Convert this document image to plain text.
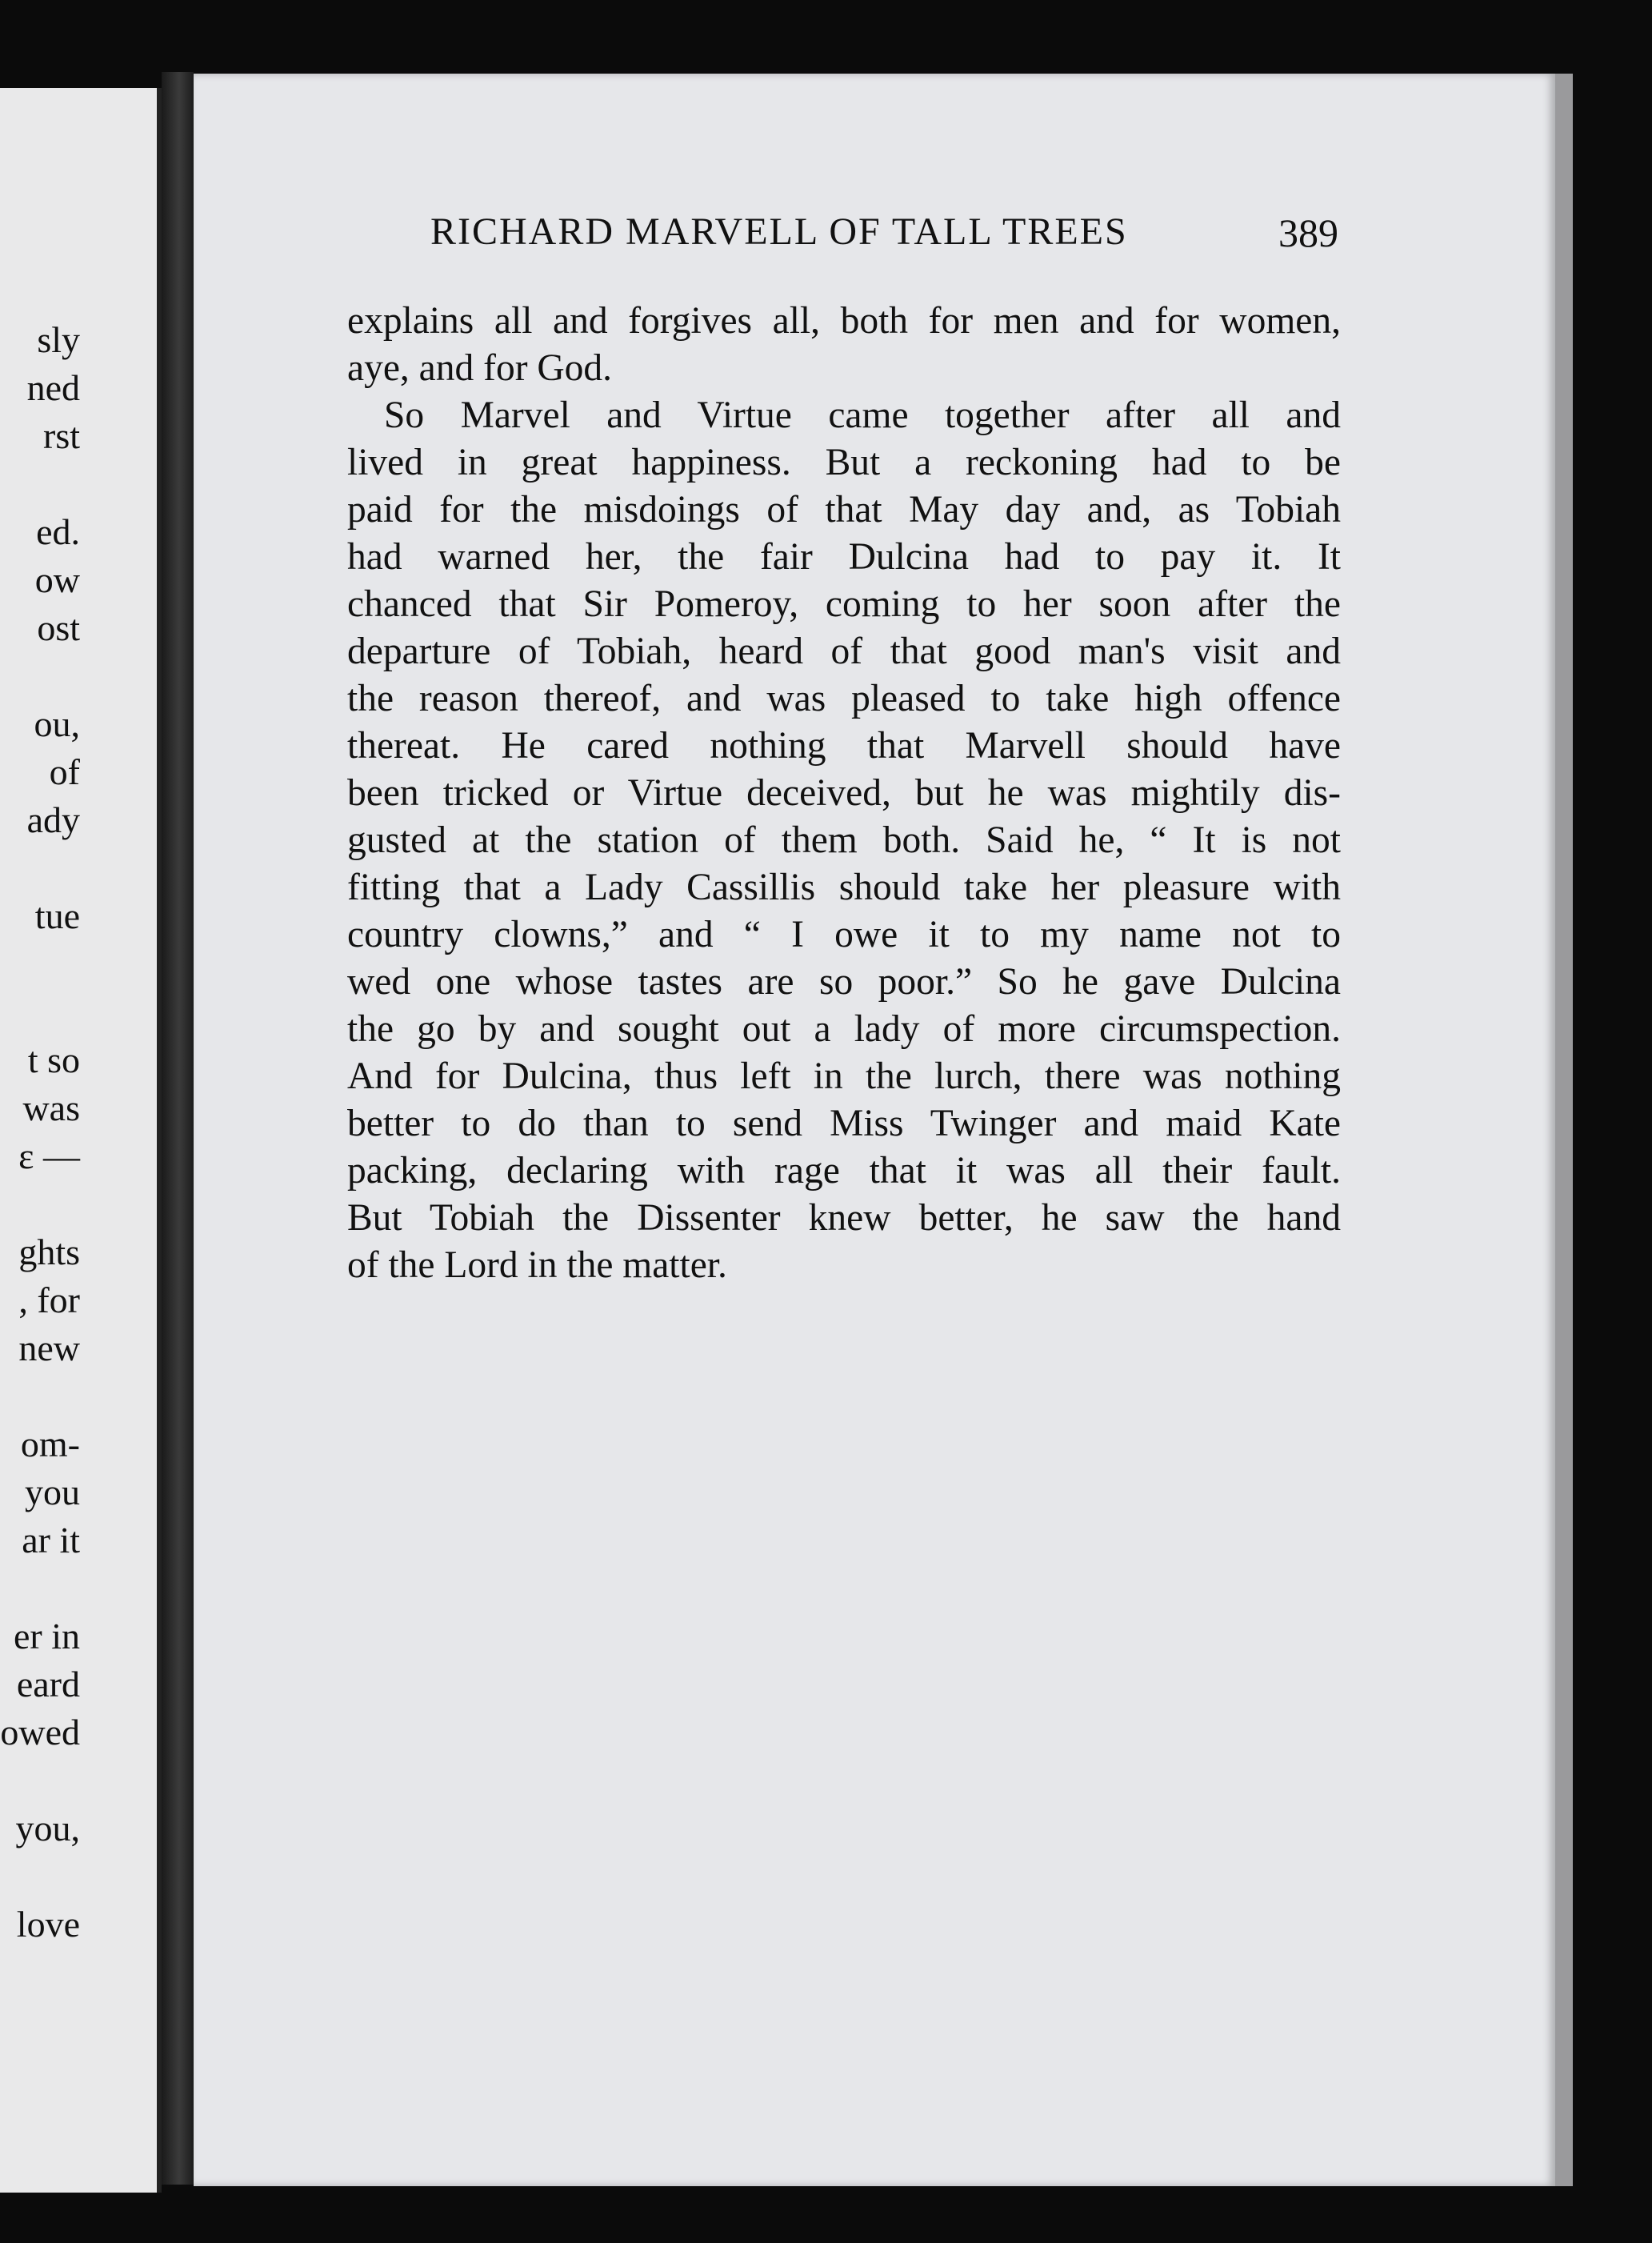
sly
ned
rst
ed.
ow
ost
ou,
of
ady
tue
t so
was
ε —
ghts
, for
new
om-
you
ar it
er in
eard
owed
you,
love
RICHARD MARVELL OF TALL TREES	389
explains all and forgives all, both for men and for women,
aye, and for God.
So Marvel and Virtue came together after all and
lived in great happiness. But a reckoning had to be
paid for the misdoings of that May day and, as Tobiah
had warned her, the fair Dulcina had to pay it. It
chanced that Sir Pomeroy, coming to her soon after the
departure of Tobiah, heard of that good man's visit and
the reason thereof, and was pleased to take high offence
thereat. He cared nothing that Marvell should have
been tricked or Virtue deceived, but he was mightily dis-
gusted at the station of them both. Said he, “ It is not
fitting that a Lady Cassillis should take her pleasure with
country clowns,” and “ I owe it to my name not to
wed one whose tastes are so poor.” So he gave Dulcina
the go by and sought out a lady of more circumspection.
And for Dulcina, thus left in the lurch, there was nothing
better to do than to send Miss Twinger and maid Kate
packing, declaring with rage that it was all their fault.
But Tobiah the Dissenter knew better, he saw the hand
of the Lord in the matter.
